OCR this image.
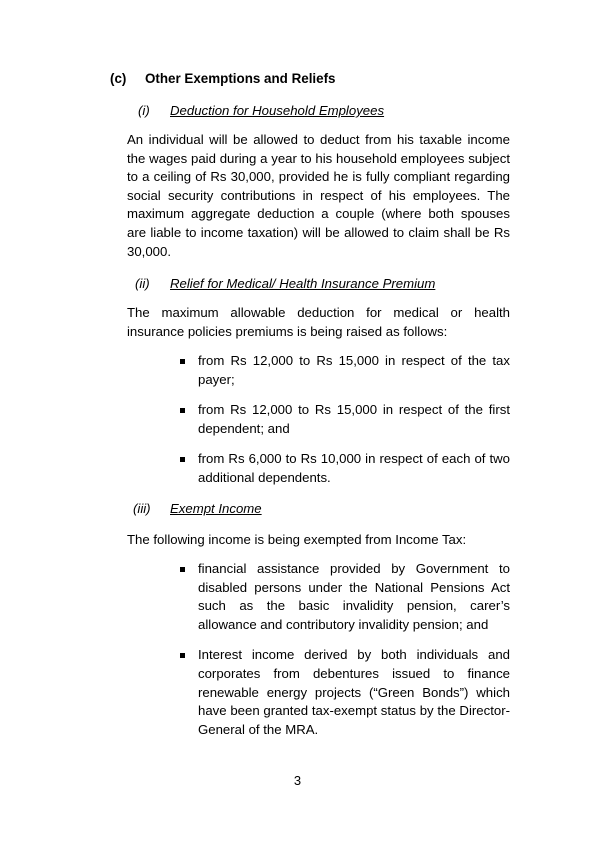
(c) Other Exemptions and Reliefs
(i) Deduction for Household Employees

An individual will be allowed to deduct from his taxable income the wages paid during a year to his household employees subject to a ceiling of Rs 30,000, provided he is fully compliant regarding social security contributions in respect of his employees. The maximum aggregate deduction a couple (where both spouses are liable to income taxation) will be allowed to claim shall be Rs 30,000.

(ii) Relief for Medical/ Health Insurance Premium

The maximum allowable deduction for medical or health insurance policies premiums is being raised as follows:

from Rs 12,000 to Rs 15,000 in respect of the tax payer;
from Rs 12,000 to Rs 15,000 in respect of the first dependent; and
from Rs 6,000 to Rs 10,000 in respect of each of two additional dependents.
(iii) Exempt Income

The following income is being exempted from Income Tax:

financial assistance provided by Government to disabled persons under the National Pensions Act such as the basic invalidity pension, carer’s allowance and contributory invalidity pension; and
Interest income derived by both individuals and corporates from debentures issued to finance renewable energy projects (“Green Bonds”) which have been granted tax-exempt status by the Director-General of the MRA.
3
